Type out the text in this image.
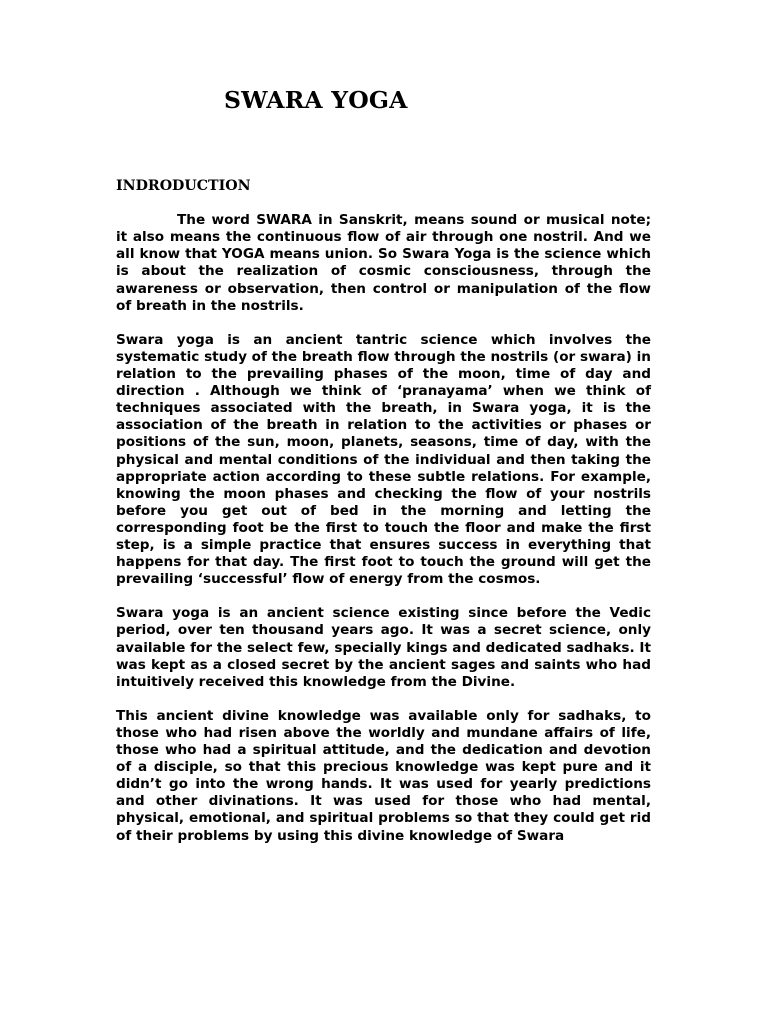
SWARA YOGA
INDRODUCTION

The word SWARA in Sanskrit, means sound or musical note; it also means the continuous flow of air through one nostril. And we all know that YOGA means union. So Swara Yoga is the science which is about the realization of cosmic consciousness, through the awareness or observation, then control or manipulation of the flow of breath in the nostrils.

Swara yoga is an ancient tantric science which involves the systematic study of the breath flow through the nostrils (or swara) in relation to the prevailing phases of the moon, time of day and direction . Although we think of ‘pranayama’ when we think of techniques associated with the breath, in Swara yoga, it is the association of the breath in relation to the activities or phases or positions of the sun, moon, planets, seasons, time of day, with the physical and mental conditions of the individual and then taking the appropriate action according to these subtle relations. For example, knowing the moon phases and checking the flow of your nostrils before you get out of bed in the morning and letting the corresponding foot be the first to touch the floor and make the first step, is a simple practice that ensures success in everything that happens for that day. The first foot to touch the ground will get the prevailing ‘successful’ flow of energy from the cosmos.

Swara yoga is an ancient science existing since before the Vedic period, over ten thousand years ago. It was a secret science, only available for the select few, specially kings and dedicated sadhaks. It was kept as a closed secret by the ancient sages and saints who had intuitively received this knowledge from the Divine.

This ancient divine knowledge was available only for sadhaks, to those who had risen above the worldly and mundane affairs of life, those who had a spiritual attitude, and the dedication and devotion of a disciple, so that this precious knowledge was kept pure and it didn’t go into the wrong hands. It was used for yearly predictions and other divinations. It was used for those who had mental, physical, emotional, and spiritual problems so that they could get rid of their problems by using this divine knowledge of Swara
